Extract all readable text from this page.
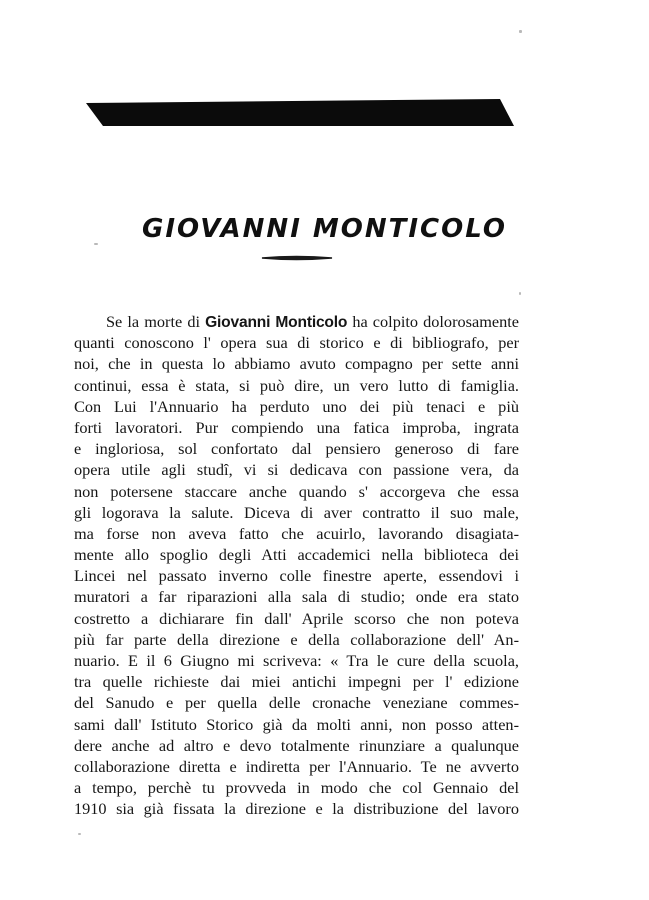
GIOVANNI MONTICOLO
Se la morte di Giovanni Monticolo ha colpito dolorosamente
quanti conoscono l' opera sua di storico e di bibliografo, per
noi, che in questa lo abbiamo avuto compagno per sette anni
continui, essa è stata, si può dire, un vero lutto di famiglia.
Con Lui l'Annuario ha perduto uno dei più tenaci e più
forti lavoratori. Pur compiendo una fatica improba, ingrata
e ingloriosa, sol confortato dal pensiero generoso di fare
opera utile agli studî, vi si dedicava con passione vera, da
non potersene staccare anche quando s' accorgeva che essa
gli logorava la salute. Diceva di aver contratto il suo male,
ma forse non aveva fatto che acuirlo, lavorando disagiata-
mente allo spoglio degli Atti accademici nella biblioteca dei
Lincei nel passato inverno colle finestre aperte, essendovi i
muratori a far riparazioni alla sala di studio; onde era stato
costretto a dichiarare fin dall' Aprile scorso che non poteva
più far parte della direzione e della collaborazione dell' An-
nuario. E il 6 Giugno mi scriveva: « Tra le cure della scuola,
tra quelle richieste dai miei antichi impegni per l' edizione
del Sanudo e per quella delle cronache veneziane commes-
sami dall' Istituto Storico già da molti anni, non posso atten-
dere anche ad altro e devo totalmente rinunziare a qualunque
collaborazione diretta e indiretta per l'Annuario. Te ne avverto
a tempo, perchè tu provveda in modo che col Gennaio del
1910 sia già fissata la direzione e la distribuzione del lavoro
